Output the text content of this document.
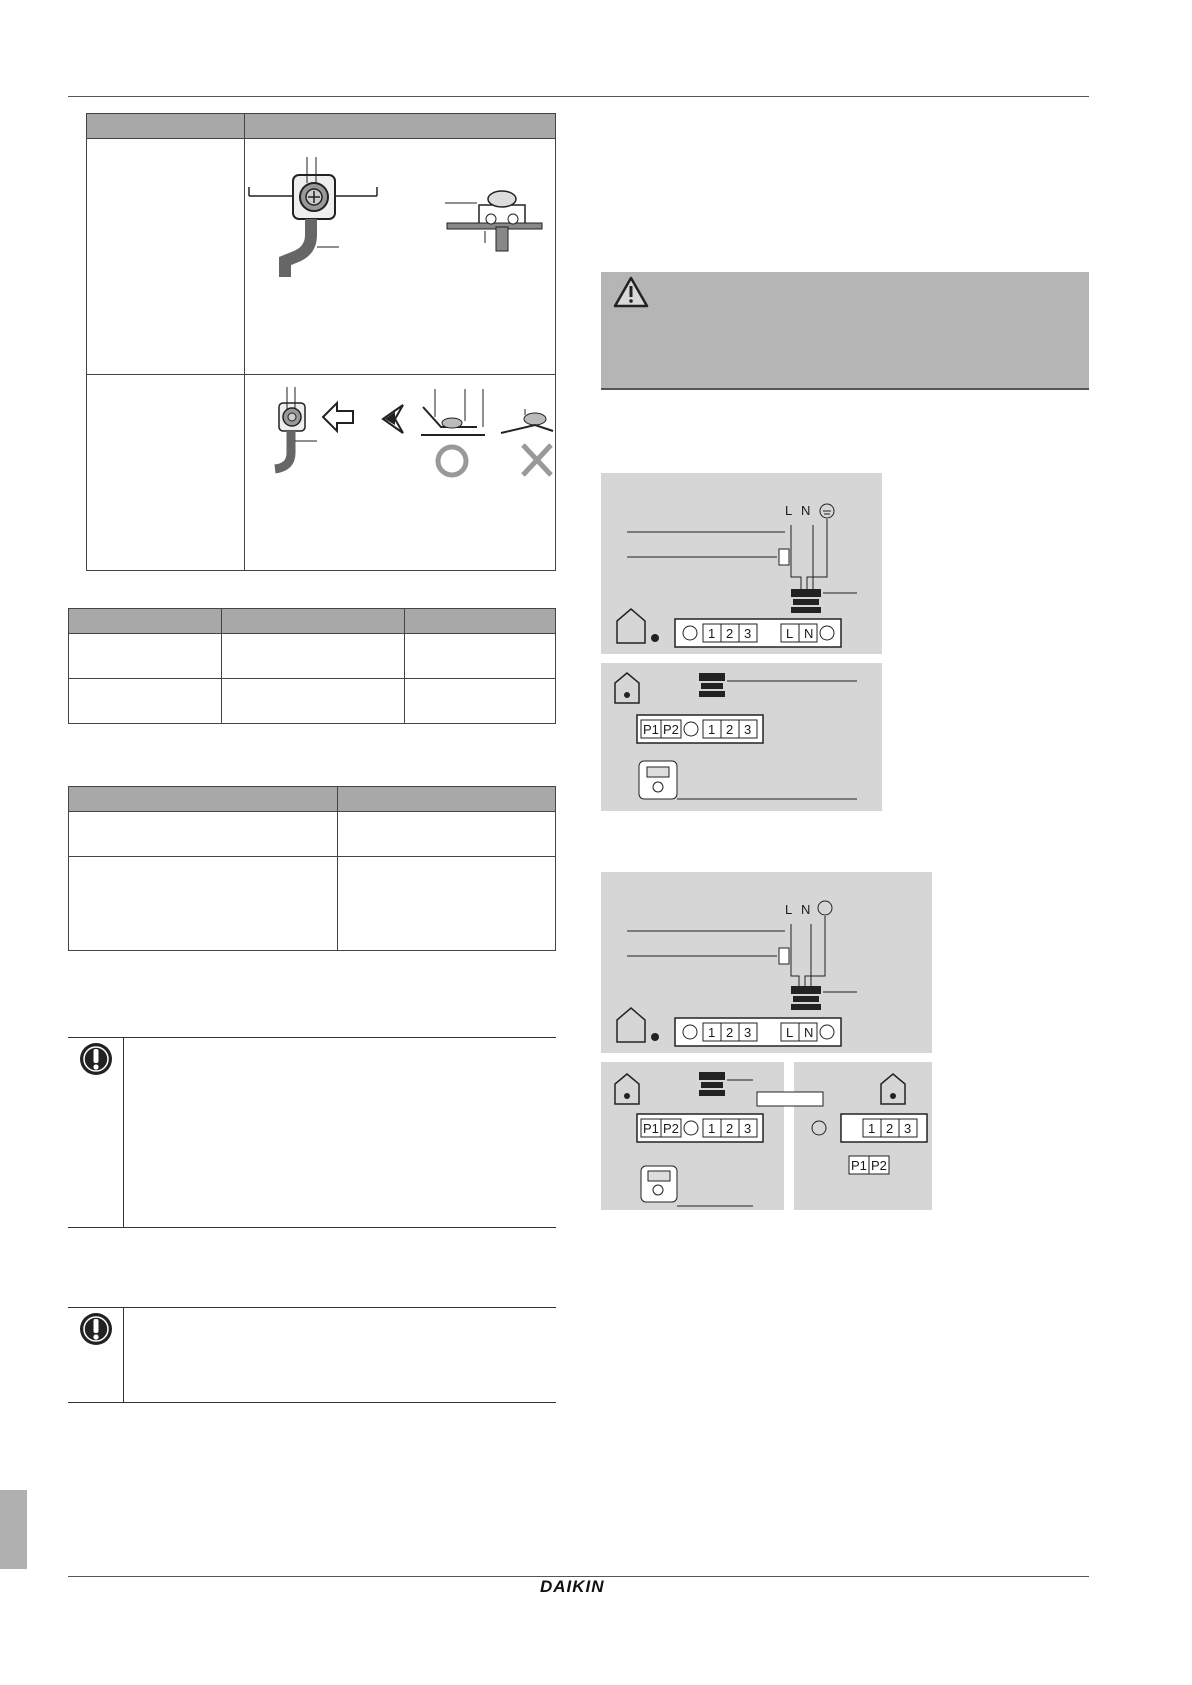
L N
1 2 3	L N
P1 P2 1 2 3
L N
1 2 3	L N
P1 P2 1 2 3	1 2 3
P1 P2
DAIKIN
